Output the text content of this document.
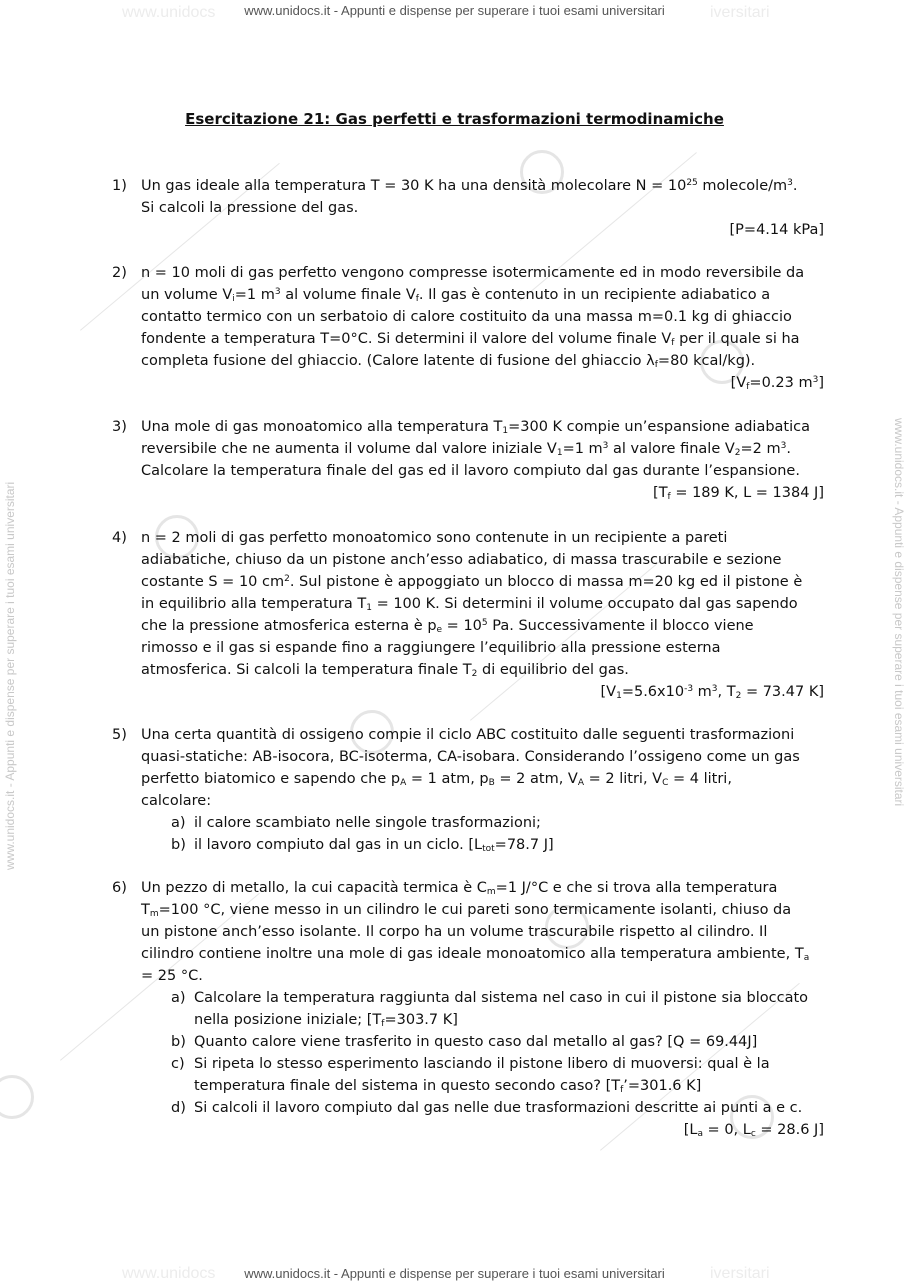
www.unidocs	iversitari
www.unidocs	iversitari
www.unidocs.it - Appunti e dispense per superare i tuoi esami universitari
www.unidocs.it - Appunti e dispense per superare i tuoi esami universitari
www.unidocs.it - Appunti e dispense per superare i tuoi esami universitari	www.unidocs.it - Appunti e dispense per superare i tuoi esami universitari
Esercitazione 21: Gas perfetti e trasformazioni termodinamiche
1) Un gas ideale alla temperatura T = 30 K ha una densità molecolare $N = 10^{25}$ molecole/$m^3$.
Si calcoli la pressione del gas.
[P=4.14 kPa]
2) n = 10 moli di gas perfetto vengono compresse isotermicamente ed in modo reversibile da
un volume $V_i=1$ $m^3$ al volume finale $V_f$. Il gas è contenuto in un recipiente adiabatico a
contatto termico con un serbatoio di calore costituito da una massa m=0.1 kg di ghiaccio
fondente a temperatura T=0°C. Si determini il valore del volume finale $V_f$ per il quale si ha
completa fusione del ghiaccio. (Calore latente di fusione del ghiaccio $\lambda_f=80$ kcal/kg).
[$V_f=0.23$ $m^3$]
3) Una mole di gas monoatomico alla temperatura $T_1=300$ K compie un’espansione adiabatica
reversibile che ne aumenta il volume dal valore iniziale $V_1=1$ $m^3$ al valore finale $V_2=2$ $m^3$.
Calcolare la temperatura finale del gas ed il lavoro compiuto dal gas durante l’espansione.
[$T_f = 189$ K, L = 1384 J]
4) n = 2 moli di gas perfetto monoatomico sono contenute in un recipiente a pareti
adiabatiche, chiuso da un pistone anch’esso adiabatico, di massa trascurabile e sezione
costante S = 10 $cm^2$. Sul pistone è appoggiato un blocco di massa m=20 kg ed il pistone è
in equilibrio alla temperatura $T_1 = 100$ K. Si determini il volume occupato dal gas sapendo
che la pressione atmosferica esterna è $p_e = 10^5$ Pa. Successivamente il blocco viene
rimosso e il gas si espande fino a raggiungere l’equilibrio alla pressione esterna
atmosferica. Si calcoli la temperatura finale $T_2$ di equilibrio del gas.
[$V_1=5.6x10^{-3}$ $m^3$, $T_2 = 73.47$ K]
5) Una certa quantità di ossigeno compie il ciclo ABC costituito dalle seguenti trasformazioni
quasi-statiche: AB-isocora, BC-isoterma, CA-isobara. Considerando l’ossigeno come un gas
perfetto biatomico e sapendo che $p_A = 1$ atm, $p_B = 2$ atm, $V_A = 2$ litri, $V_C = 4$ litri,
calcolare:
a) il calore scambiato nelle singole trasformazioni;
b) il lavoro compiuto dal gas in un ciclo. [$L_{tot}=78.7$ J]
6) Un pezzo di metallo, la cui capacità termica è $C_m=1$ J/°C e che si trova alla temperatura
$T_m=100$ °C, viene messo in un cilindro le cui pareti sono termicamente isolanti, chiuso da
un pistone anch’esso isolante. Il corpo ha un volume trascurabile rispetto al cilindro. Il
cilindro contiene inoltre una mole di gas ideale monoatomico alla temperatura ambiente, $T_a$
= 25 °C.
a) Calcolare la temperatura raggiunta dal sistema nel caso in cui il pistone sia bloccato
nella posizione iniziale; [$T_f=303.7$ K]
b) Quanto calore viene trasferito in questo caso dal metallo al gas? [Q = 69.44J]
c) Si ripeta lo stesso esperimento lasciando il pistone libero di muoversi: qual è la
temperatura finale del sistema in questo secondo caso? [$T_f’=301.6$ K]
d) Si calcoli il lavoro compiuto dal gas nelle due trasformazioni descritte ai punti a e c.
[$L_a = 0$, $L_c = 28.6$ J]
